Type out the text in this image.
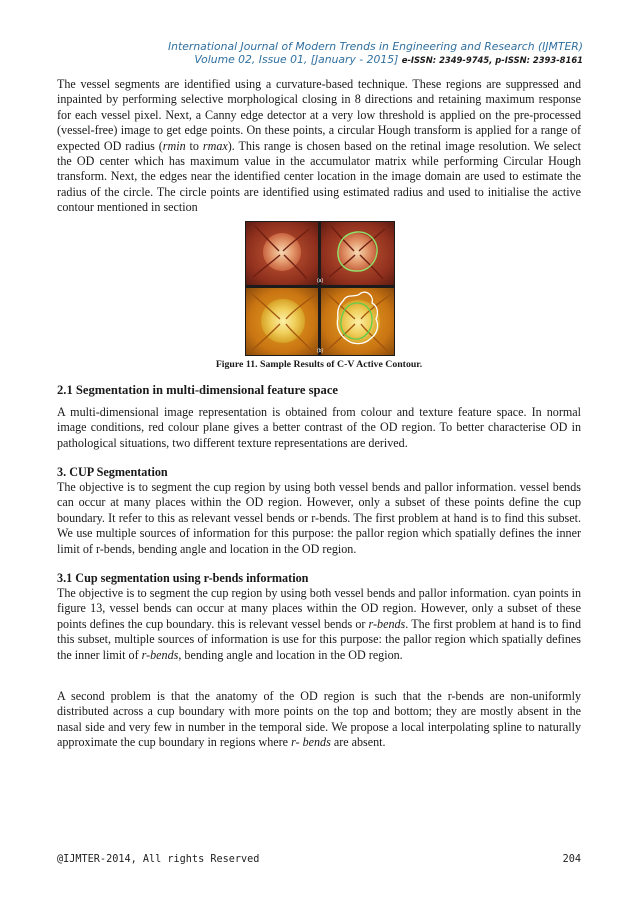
International Journal of Modern Trends in Engineering and Research (IJMTER)
Volume 02, Issue 01, [January - 2015] e-ISSN: 2349-9745, p-ISSN: 2393-8161

The vessel segments are identified using a curvature-based technique. These regions are suppressed and inpainted by performing selective morphological closing in 8 directions and retaining maximum response for each vessel pixel. Next, a Canny edge detector at a very low threshold is applied on the pre-processed (vessel-free) image to get edge points. On these points, a circular Hough transform is applied for a range of expected OD radius (rmin to rmax). This range is chosen based on the retinal image resolution. We select the OD center which has maximum value in the accumulator matrix while performing Circular Hough transform. Next, the edges near the identified center location in the image domain are used to estimate the radius of the circle. The circle points are identified using estimated radius and used to initialise the active contour mentioned in section

(a)
(b)
Figure 11. Sample Results of C-V Active Contour.
2.1 Segmentation in multi-dimensional feature space

A multi-dimensional image representation is obtained from colour and texture feature space. In normal image conditions, red colour plane gives a better contrast of the OD region. To better characterise OD in pathological situations, two different texture representations are derived.

3. CUP Segmentation

The objective is to segment the cup region by using both vessel bends and pallor information. vessel bends can occur at many places within the OD region. However, only a subset of these points define the cup boundary. It refer to this as relevant vessel bends or r-bends. The first problem at hand is to find this subset. We use multiple sources of information for this purpose: the pallor region which spatially defines the inner limit of r-bends, bending angle and location in the OD region.

3.1 Cup segmentation using r-bends information

The objective is to segment the cup region by using both vessel bends and pallor information. cyan points in figure 13, vessel bends can occur at many places within the OD region. However, only a subset of these points defines the cup boundary. this is relevant vessel bends or r-bends. The first problem at hand is to find this subset, multiple sources of information is use for this purpose: the pallor region which spatially defines the inner limit of r-bends, bending angle and location in the OD region.

A second problem is that the anatomy of the OD region is such that the r-bends are non-uniformly distributed across a cup boundary with more points on the top and bottom; they are mostly absent in the nasal side and very few in number in the temporal side. We propose a local interpolating spline to naturally approximate the cup boundary in regions where r- bends are absent.

@IJMTER-2014, All rights Reserved	204
